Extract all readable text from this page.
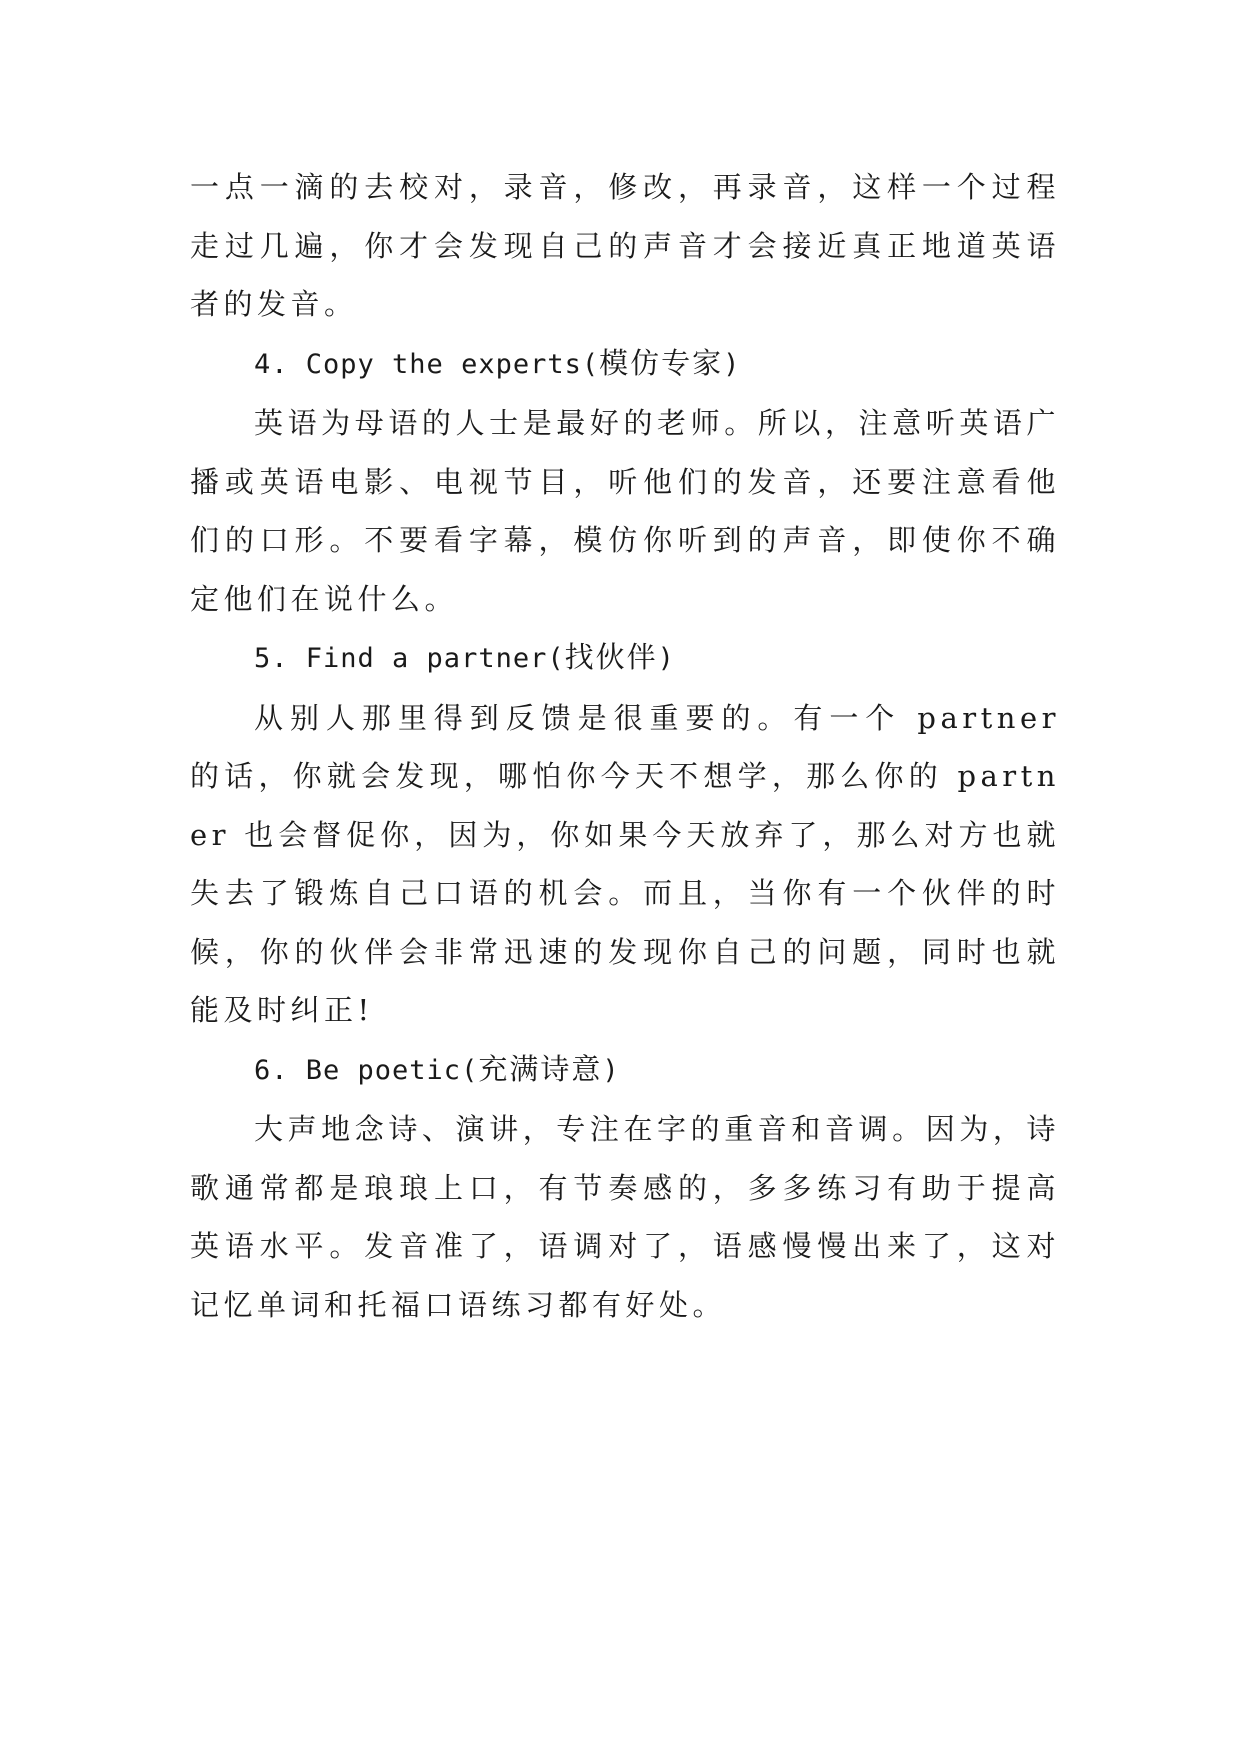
一点一滴的去校对，录音，修改，再录音，这样一个过程走过几遍，你才会发现自己的声音才会接近真正地道英语者的发音。

4. Copy the experts(模仿专家)

英语为母语的人士是最好的老师。所以，注意听英语广播或英语电影、电视节目，听他们的发音，还要注意看他们的口形。不要看字幕，模仿你听到的声音，即使你不确定他们在说什么。

5. Find a partner(找伙伴)

从别人那里得到反馈是很重要的。有一个 partner 的话，你就会发现，哪怕你今天不想学，那么你的 partner 也会督促你，因为，你如果今天放弃了，那么对方也就失去了锻炼自己口语的机会。而且，当你有一个伙伴的时候，你的伙伴会非常迅速的发现你自己的问题，同时也就能及时纠正!

6. Be poetic(充满诗意)

大声地念诗、演讲，专注在字的重音和音调。因为，诗歌通常都是琅琅上口，有节奏感的，多多练习有助于提高英语水平。发音准了，语调对了，语感慢慢出来了，这对记忆单词和托福口语练习都有好处。
